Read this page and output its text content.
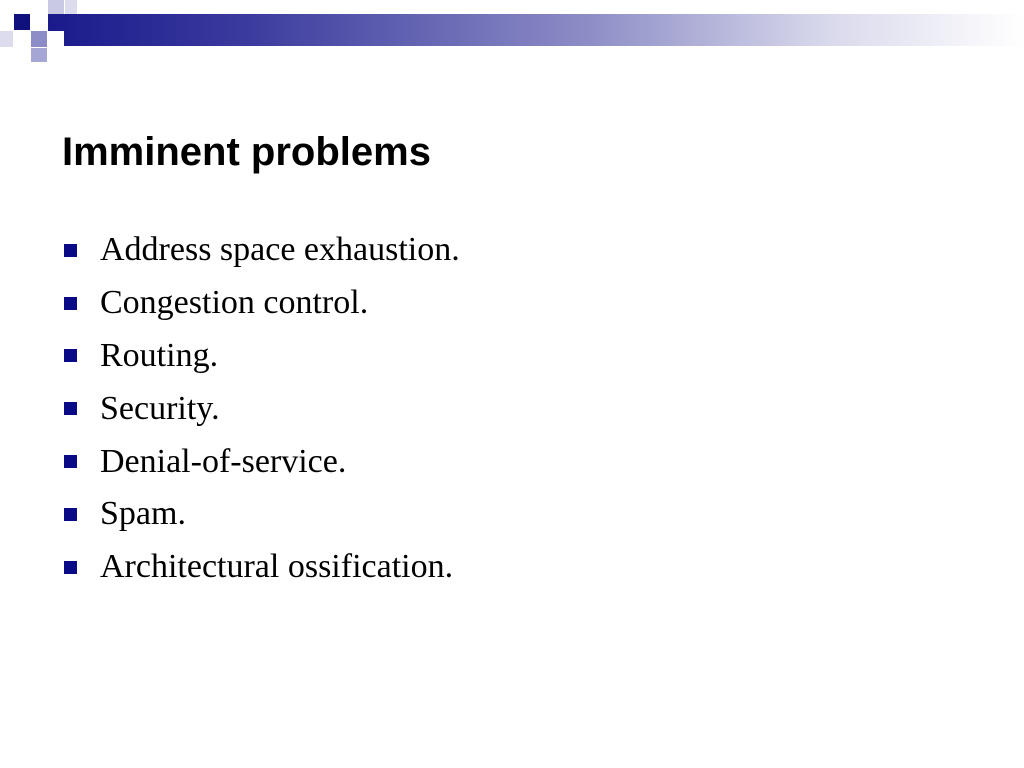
Imminent problems
Address space exhaustion.
Congestion control.
Routing.
Security.
Denial-of-service.
Spam.
Architectural ossification.
